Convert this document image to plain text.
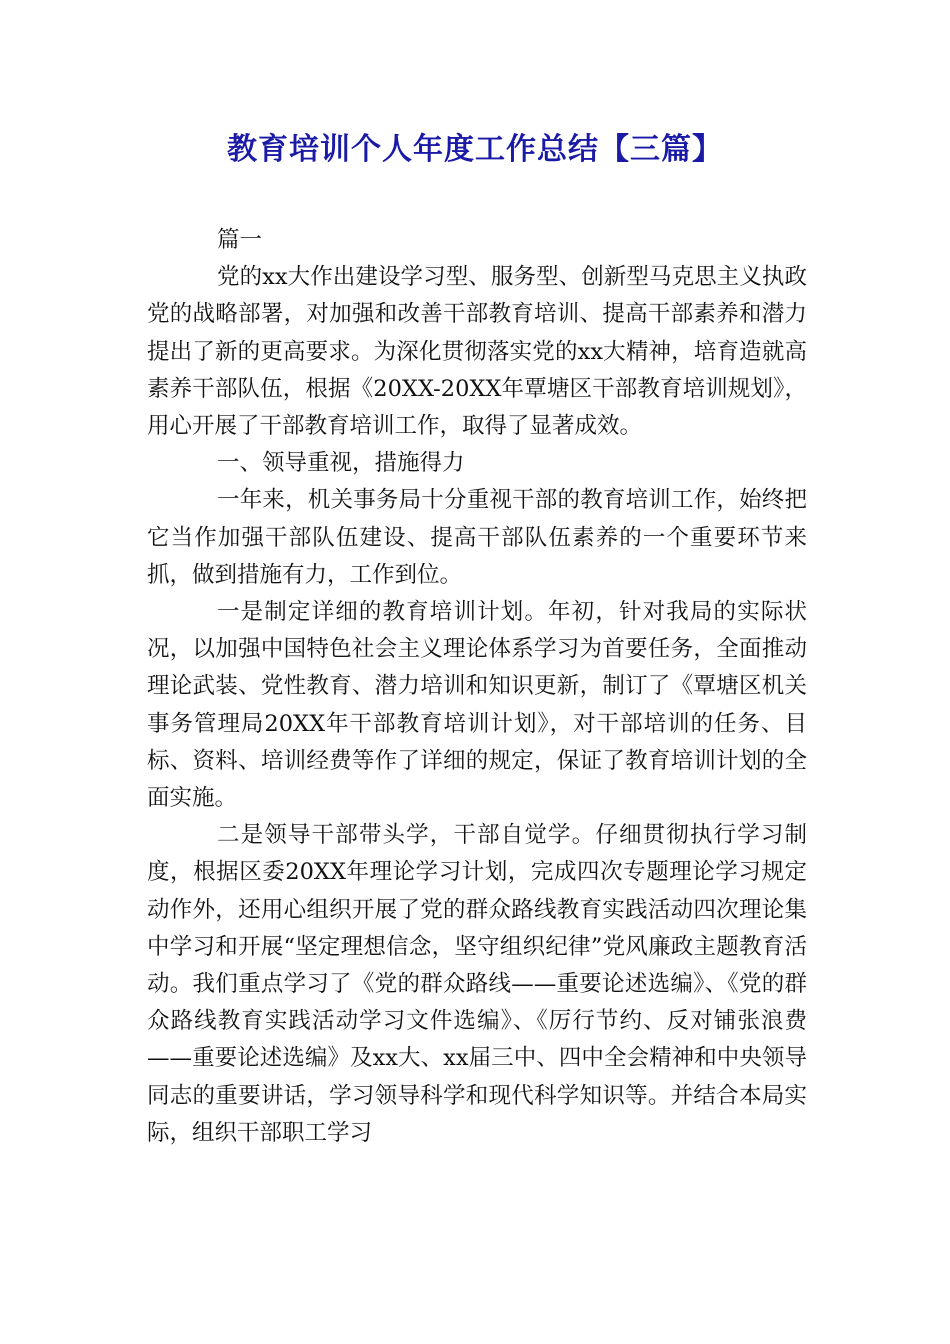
教育培训个人年度工作总结【三篇】

篇一

党的xx大作出建设学习型、服务型、创新型马克思主义执政党的战略部署，对加强和改善干部教育培训、提高干部素养和潜力提出了新的更高要求。为深化贯彻落实党的xx大精神，培育造就高素养干部队伍，根据《20XX-20XX年覃塘区干部教育培训规划》，用心开展了干部教育培训工作，取得了显著成效。

一、领导重视，措施得力

一年来，机关事务局十分重视干部的教育培训工作，始终把它当作加强干部队伍建设、提高干部队伍素养的一个重要环节来抓，做到措施有力，工作到位。

一是制定详细的教育培训计划。年初，针对我局的实际状况，以加强中国特色社会主义理论体系学习为首要任务，全面推动理论武装、党性教育、潜力培训和知识更新，制订了《覃塘区机关事务管理局20XX年干部教育培训计划》，对干部培训的任务、目标、资料、培训经费等作了详细的规定，保证了教育培训计划的全面实施。

二是领导干部带头学，干部自觉学。仔细贯彻执行学习制度，根据区委20XX年理论学习计划，完成四次专题理论学习规定动作外，还用心组织开展了党的群众路线教育实践活动四次理论集中学习和开展“坚定理想信念，坚守组织纪律”党风廉政主题教育活动。我们重点学习了《党的群众路线——重要论述选编》、《党的群众路线教育实践活动学习文件选编》、《厉行节约、反对铺张浪费——重要论述选编》及xx大、xx届三中、四中全会精神和中央领导同志的重要讲话，学习领导科学和现代科学知识等。并结合本局实际，组织干部职工学习
